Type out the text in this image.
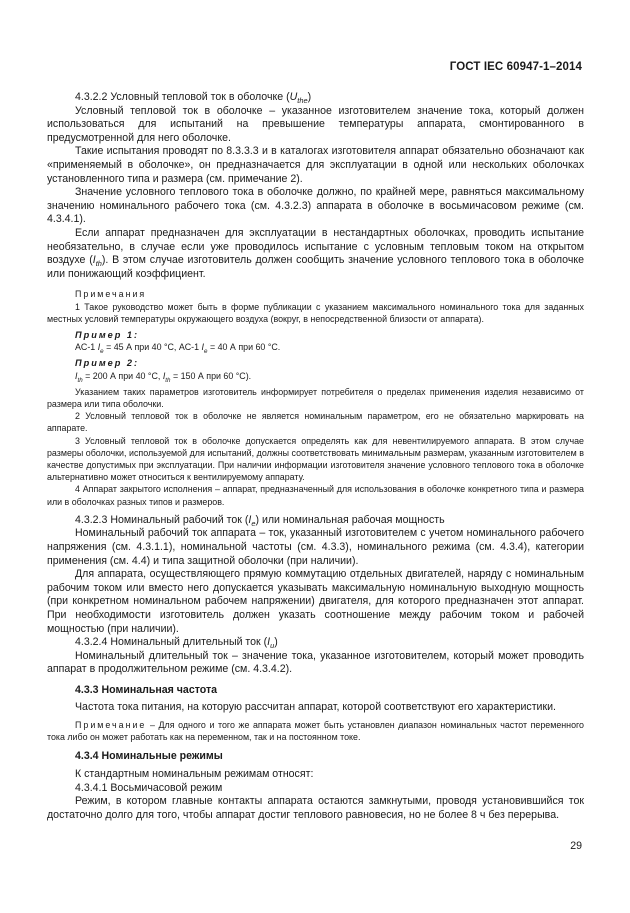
ГОСТ IEC 60947-1–2014

4.3.2.2 Условный тепловой ток в оболочке $(U_{the})$

Условный тепловой ток в оболочке – указанное изготовителем значение тока, который должен использоваться для испытаний на превышение температуры аппарата, смонтированного в предусмотренной для него оболочке.

Такие испытания проводят по 8.3.3.3 и в каталогах изготовителя аппарат обязательно обозначают как «применяемый в оболочке», он предназначается для эксплуатации в одной или нескольких оболочках установленного типа и размера (см. примечание 2).

Значение условного теплового тока в оболочке должно, по крайней мере, равняться максимальному значению номинального рабочего тока (см. 4.3.2.3) аппарата в оболочке в восьмичасовом режиме (см. 4.3.4.1).

Если аппарат предназначен для эксплуатации в нестандартных оболочках, проводить испытание необязательно, в случае если уже проводилось испытание с условным тепловым током на открытом воздухе $(I_{th})$. В этом случае изготовитель должен сообщить значение условного теплового тока в оболочке или понижающий коэффициент.

Примечания

1 Такое руководство может быть в форме публикации с указанием максимального номинального тока для заданных местных условий температуры окружающего воздуха (вокруг, в непосредственной близости от аппарата).

Пример 1:

AC-1 $I_e = 45$ А при 40 °С, AC-1 $I_e = 40$ А при 60 °С.

Пример 2:

$I_{th} = 200$ А при 40 °С, $I_{th} = 150$ А при 60 °С).

Указанием таких параметров изготовитель информирует потребителя о пределах применения изделия независимо от размера или типа оболочки.

2 Условный тепловой ток в оболочке не является номинальным параметром, его не обязательно маркировать на аппарате.

3 Условный тепловой ток в оболочке допускается определять как для невентилируемого аппарата. В этом случае размеры оболочки, используемой для испытаний, должны соответствовать минимальным размерам, указанным изготовителем в качестве допустимых при эксплуатации. При наличии информации изготовителя значение условного теплового тока в оболочке альтернативно может относиться к вентилируемому аппарату.

4 Аппарат закрытого исполнения – аппарат, предназначенный для использования в оболочке конкретного типа и размера или в оболочках разных типов и размеров.

4.3.2.3 Номинальный рабочий ток $(I_e)$ или номинальная рабочая мощность

Номинальный рабочий ток аппарата – ток, указанный изготовителем с учетом номинального рабочего напряжения (см. 4.3.1.1), номинальной частоты (см. 4.3.3), номинального режима (см. 4.3.4), категории применения (см. 4.4) и типа защитной оболочки (при наличии).

Для аппарата, осуществляющего прямую коммутацию отдельных двигателей, наряду с номинальным рабочим током или вместо него допускается указывать максимальную номинальную выходную мощность (при конкретном номинальном рабочем напряжении) двигателя, для которого предназначен этот аппарат. При необходимости изготовитель должен указать соотношение между рабочим током и рабочей мощностью (при наличии).

4.3.2.4 Номинальный длительный ток $(I_u)$

Номинальный длительный ток – значение тока, указанное изготовителем, который может проводить аппарат в продолжительном режиме (см. 4.3.4.2).

4.3.3 Номинальная частота

Частота тока питания, на которую рассчитан аппарат, которой соответствуют его характеристики.

Примечание – Для одного и того же аппарата может быть установлен диапазон номинальных частот переменного тока либо он может работать как на переменном, так и на постоянном токе.

4.3.4 Номинальные режимы

К стандартным номинальным режимам относят:

4.3.4.1 Восьмичасовой режим

Режим, в котором главные контакты аппарата остаются замкнутыми, проводя установившийся ток достаточно долго для того, чтобы аппарат достиг теплового равновесия, но не более 8 ч без перерыва.

29
